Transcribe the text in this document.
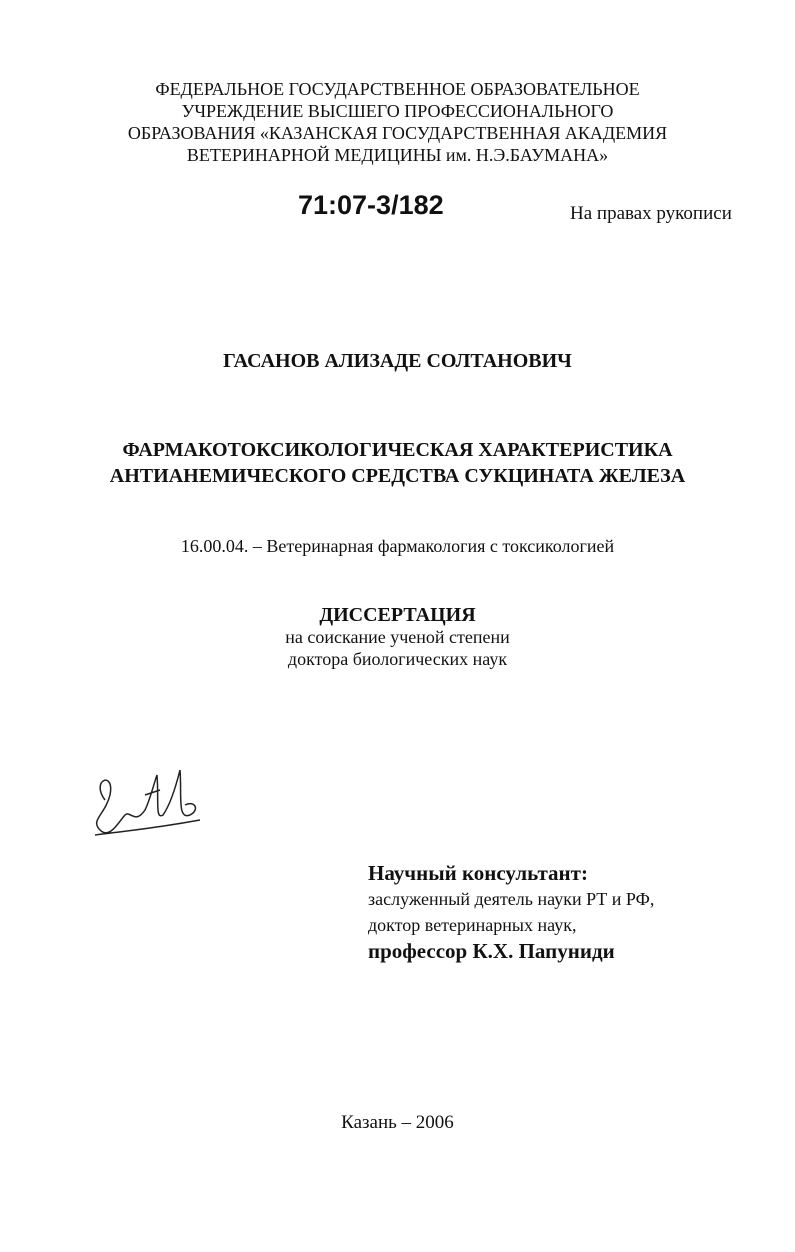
ФЕДЕРАЛЬНОЕ ГОСУДАРСТВЕННОЕ ОБРАЗОВАТЕЛЬНОЕ
УЧРЕЖДЕНИЕ ВЫСШЕГО ПРОФЕССИОНАЛЬНОГО
ОБРАЗОВАНИЯ «КАЗАНСКАЯ ГОСУДАРСТВЕННАЯ АКАДЕМИЯ
ВЕТЕРИНАРНОЙ МЕДИЦИНЫ им. Н.Э.БАУМАНА»
71:07-3/182	На правах рукописи
ГАСАНОВ АЛИЗАДЕ СОЛТАНОВИЧ
ФАРМАКОТОКСИКОЛОГИЧЕСКАЯ ХАРАКТЕРИСТИКА
АНТИАНЕМИЧЕСКОГО СРЕДСТВА СУКЦИНАТА ЖЕЛЕЗА
16.00.04. – Ветеринарная фармакология с токсикологией
ДИССЕРТАЦИЯ
на соискание ученой степени
доктора биологических наук
Научный консультант:
заслуженный деятель науки РТ и РФ,
доктор ветеринарных наук,
профессор К.Х. Папуниди
Казань – 2006
